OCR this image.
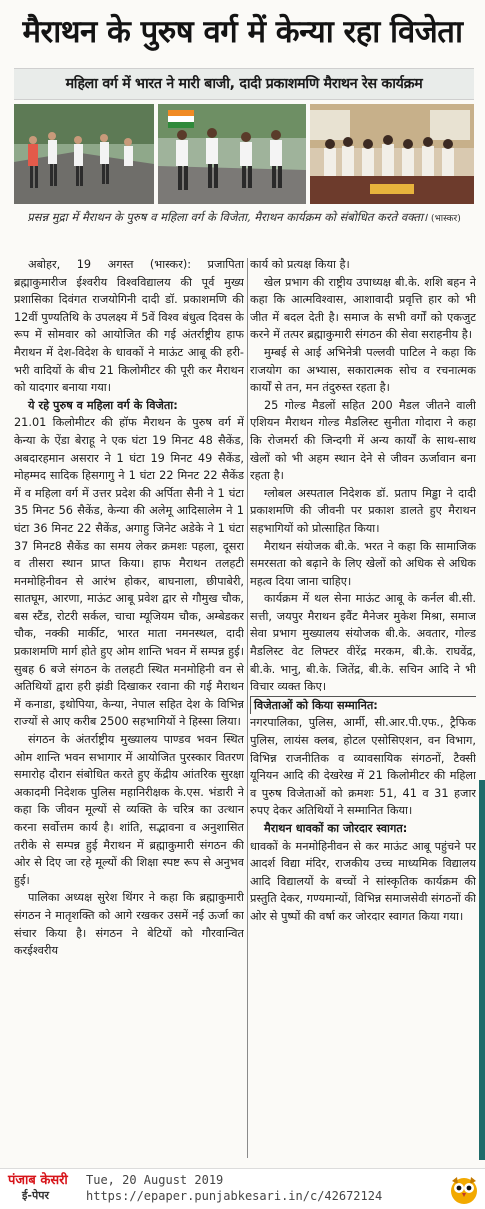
मैराथन के पुरुष वर्ग में केन्या रहा विजेता
महिला वर्ग में भारत ने मारी बाजी, दादी प्रकाशमणि मैराथन रेस कार्यक्रम

प्रसन्न मुद्रा में मैराथन के पुरुष व महिला वर्ग के विजेता, मैराथन कार्यक्रम को संबोधित करते वक्ता। (भास्कर)

अबोहर, 19 अगस्त (भास्कर): प्रजापिता ब्रह्माकुमारीज ईश्वरीय विश्वविद्यालय की पूर्व मुख्य प्रशासिका दिवंगत राजयोगिनी दादी डॉ. प्रकाशमणि की 12वीं पुण्यतिथि के उपलक्ष्य में 5वें विश्व बंधुत्व दिवस के रूप में सोमवार को आयोजित की गई अंतर्राष्ट्रीय हाफ मैराथन में देश-विदेश के धावकों ने माऊंट आबू की हरी-भरी वादियों के बीच 21 किलोमीटर की पूरी कर मैराथन को यादगार बनाया गया।

ये रहे पुरुष व महिला वर्ग के विजेता:

21.01 किलोमीटर की हॉफ मैराथन के पुरुष वर्ग में केन्या के ऐंडा बेराहू ने एक घंटा 19 मिनट 48 सैकेंड, अबदारहमान असरार ने 1 घंटा 19 मिनट 49 सैकेंड, मोहम्मद सादिक हिसगागु ने 1 घंटा 22 मिनट 22 सैकेंड में व महिला वर्ग में उत्तर प्रदेश की अर्पिता सैनी ने 1 घंटा 35 मिनट 56 सैकेंड, केन्या की अलेमू आदिसालेम ने 1 घंटा 36 मिनट 22 सैकेंड, अगाहु जिनेट अडेके ने 1 घंटा 37 मिनट8 सैकेंड का समय लेकर क्रमशः पहला, दूसरा व तीसरा स्थान प्राप्त किया। हाफ मैराथन तलहटी मनमोहिनीवन से आरंभ होकर, बाघनाला, छीपाबेरी, सातघूम, आरणा, माऊंट आबू प्रवेश द्वार से गौमुख चौक, बस स्टैंड, रोटरी सर्कल, चाचा म्यूजियम चौक, अम्बेडकर चौक, नक्की मार्कीट, भारत माता नमनस्थल, दादी प्रकाशमणि मार्ग होते हुए ओम शान्ति भवन में सम्पन्न हुई। सुबह 6 बजे संगठन के तलहटी स्थित मनमोहिनी वन से अतिथियों द्वारा हरी झंडी दिखाकर रवाना की गई मैराथन में कनाडा, इथोपिया, केन्या, नेपाल सहित देश के विभिन्न राज्यों से आए करीब 2500 सहभागियों ने हिस्सा लिया।

संगठन के अंतर्राष्ट्रीय मुख्यालय पाण्डव भवन स्थित ओम शान्ति भवन सभागार में आयोजित पुरस्कार वितरण समारोह दौरान संबोधित करते हुए केंद्रीय आंतरिक सुरक्षा अकादमी निदेशक पुलिस महानिरीक्षक के.एस. भंडारी ने कहा कि जीवन मूल्यों से व्यक्ति के चरित्र का उत्थान करना सर्वोत्तम कार्य है। शांति, सद्भावना व अनुशासित तरीके से सम्पन्न हुई मैराथन में ब्रह्माकुमारी संगठन की ओर से दिए जा रहे मूल्यों की शिक्षा स्पष्ट रूप से अनुभव हुई।

पालिका अध्यक्ष सुरेश थिंगर ने कहा कि ब्रह्माकुमारी संगठन ने मातृशक्ति को आगे रखकर उसमें नई ऊर्जा का संचार किया है। संगठन ने बेटियों को गौरवान्वित करईश्वरीय

कार्य को प्रत्यक्ष किया है।

खेल प्रभाग की राष्ट्रीय उपाध्यक्ष बी.के. शशि बहन ने कहा कि आत्मविश्वास, आशावादी प्रवृत्ति हार को भी जीत में बदल देती है। समाज के सभी वर्गों को एकजुट करने में तत्पर ब्रह्माकुमारी संगठन की सेवा सराहनीय है।

मुम्बई से आई अभिनेत्री पल्लवी पाटिल ने कहा कि राजयोग का अभ्यास, सकारात्मक सोच व रचनात्मक कार्यों से तन, मन तंदुरुस्त रहता है।

25 गोल्ड मैडलों सहित 200 मैडल जीतने वाली एशियन मैराथन गोल्ड मैडलिस्ट सुनीता गोदारा ने कहा कि रोजमर्रा की जिन्दगी में अन्य कार्यों के साथ-साथ खेलों को भी अहम स्थान देने से जीवन ऊर्जावान बना रहता है।

ग्लोबल अस्पताल निदेशक डॉ. प्रताप मिड्ढा ने दादी प्रकाशमणि की जीवनी पर प्रकाश डालते हुए मैराथन सहभागियों को प्रोत्साहित किया।

मैराथन संयोजक बी.के. भरत ने कहा कि सामाजिक समरसता को बढ़ाने के लिए खेलों को अधिक से अधिक महत्व दिया जाना चाहिए।

कार्यक्रम में थल सेना माऊंट आबू के कर्नल बी.सी. सत्ती, जयपुर मैराथन इवैंट मैनेजर मुकेश मिश्रा, समाज सेवा प्रभाग मुख्यालय संयोजक बी.के. अवतार, गोल्ड मैडलिस्ट वेट लिफ्टर वीरेंद्र मरकम, बी.के. राघवेंद्र, बी.के. भानु, बी.के. जितेंद्र, बी.के. सचिन आदि ने भी विचार व्यक्त किए।

विजेताओं को किया सम्मानित:

नगरपालिका, पुलिस, आर्मी, सी.आर.पी.एफ., ट्रैफिक पुलिस, लायंस क्लब, होटल एसोसिएशन, वन विभाग, विभिन्न राजनीतिक व व्यावसायिक संगठनों, टैक्सी यूनियन आदि की देखरेख में 21 किलोमीटर की महिला व पुरुष विजेताओं को क्रमशः 51, 41 व 31 हजार रुपए देकर अतिथियों ने सम्मानित किया।

मैराथन धावकों का जोरदार स्वागत:

धावकों के मनमोहिनीवन से कर माऊंट आबू पहुंचने पर आदर्श विद्या मंदिर, राजकीय उच्च माध्यमिक विद्यालय आदि विद्यालयों के बच्चों ने सांस्कृतिक कार्यक्रम की प्रस्तुति देकर, गण्यमान्यों, विभिन्न समाजसेवी संगठनों की ओर से पुष्पों की वर्षा कर जोरदार स्वागत किया गया।

पंजाब केसरी
ई-पेपर
Tue, 20 August 2019
https://epaper.punjabkesari.in/c/42672124
